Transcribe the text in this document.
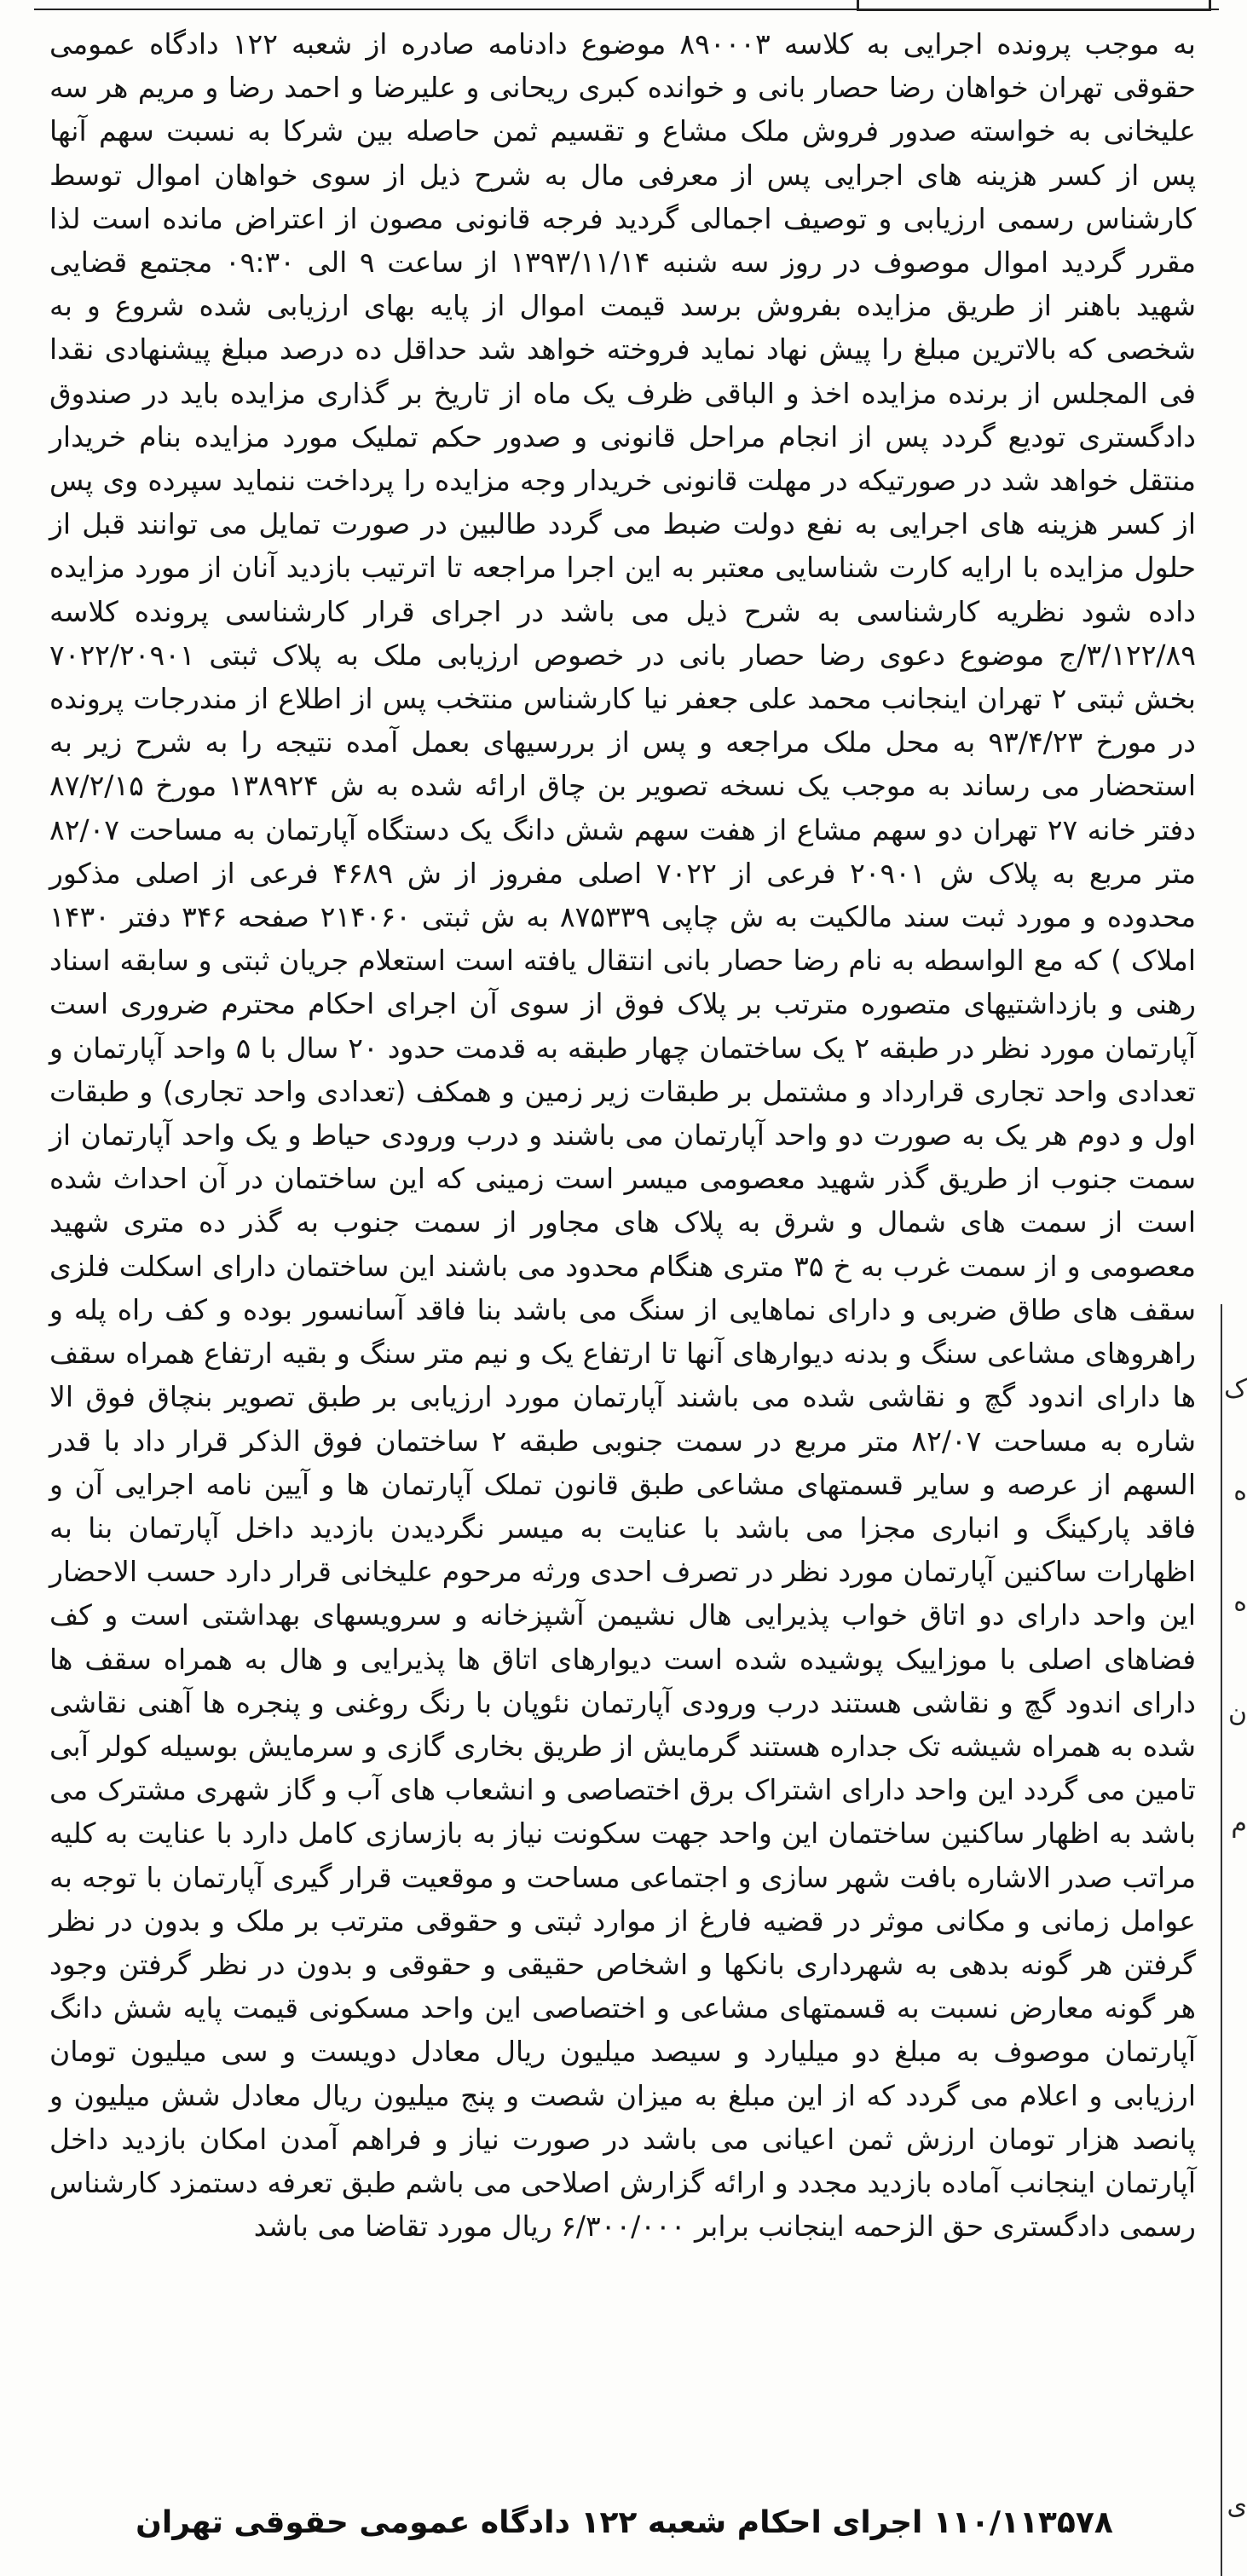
به موجب پرونده اجرایی به کلاسه ۸۹۰۰۰۳ موضوع دادنامه صادره از شعبه ۱۲۲ دادگاه عمومی حقوقی تهران خواهان رضا حصار بانی و خوانده کبری ریحانی و علیرضا و احمد رضا و مریم هر سه علیخانی به خواسته صدور فروش ملک مشاع و تقسیم ثمن حاصله بین شرکا به نسبت سهم آنها پس از کسر هزینه های اجرایی پس از معرفی مال به شرح ذیل از سوی خواهان اموال توسط کارشناس رسمی ارزیابی و توصیف اجمالی گردید فرجه قانونی مصون از اعتراض مانده است لذا مقرر گردید اموال موصوف در روز سه شنبه ۱۳۹۳/۱۱/۱۴ از ساعت ۹ الی ۰۹:۳۰ مجتمع قضایی شهید باهنر از طریق مزایده بفروش برسد قیمت اموال از پایه بهای ارزیابی شده شروع و به شخصی که بالاترین مبلغ را پیش نهاد نماید فروخته خواهد شد حداقل ده درصد مبلغ پیشنهادی نقدا فی المجلس از برنده مزایده اخذ و الباقی ظرف یک ماه از تاریخ بر گذاری مزایده باید در صندوق دادگستری توديع گردد پس از انجام مراحل قانونی و صدور حکم تملیک مورد مزایده بنام خریدار منتقل خواهد شد در صورتیکه در مهلت قانونی خریدار وجه مزایده را پرداخت ننماید سپرده وی پس از کسر هزینه های اجرایی به نفع دولت ضبط می گردد طالبین در صورت تمایل می توانند قبل از حلول مزایده با ارایه کارت شناسایی معتبر به این اجرا مراجعه تا اترتیب بازدید آنان از مورد مزایده داده شود نظریه کارشناسی به شرح ذیل می باشد در اجرای قرار کارشناسی پرونده کلاسه ۳/۱۲۲/۸۹/ج موضوع دعوی رضا حصار بانی در خصوص ارزیابی ملک به پلاک ثبتی ۷۰۲۲/۲۰۹۰۱ بخش ثبتی ۲ تهران اینجانب محمد علی جعفر نیا کارشناس منتخب پس از اطلاع از مندرجات پرونده در مورخ ۹۳/۴/۲۳ به محل ملک مراجعه و پس از بررسیهای بعمل آمده نتیجه را به شرح زیر به استحضار می رساند به موجب یک نسخه تصویر بن چاق ارائه شده به ش ۱۳۸۹۲۴ مورخ ۸۷/۲/۱۵ دفتر خانه ۲۷ تهران دو سهم مشاع از هفت سهم شش دانگ یک دستگاه آپارتمان به مساحت ۸۲/۰۷ متر مربع به پلاک ش ۲۰۹۰۱ فرعی از ۷۰۲۲ اصلی مفروز از ش ۴۶۸۹ فرعی از اصلی مذکور محدوده و مورد ثبت سند مالکیت به ش چاپی ۸۷۵۳۳۹ به ش ثبتی ۲۱۴۰۶۰ صفحه ۳۴۶ دفتر ۱۴۳۰ املاک ) که مع الواسطه به نام رضا حصار بانی انتقال یافته است استعلام جریان ثبتی و سابقه اسناد رهنی و بازداشتیهای متصوره مترتب بر پلاک فوق از سوی آن اجرای احکام محترم ضروری است آپارتمان مورد نظر در طبقه ۲ یک ساختمان چهار طبقه به قدمت حدود ۲۰ سال با ۵ واحد آپارتمان و تعدادی واحد تجاری قرارداد و مشتمل بر طبقات زیر زمین و همکف (تعدادی واحد تجاری) و طبقات اول و دوم هر یک به صورت دو واحد آپارتمان می باشند و درب ورودی حیاط و یک واحد آپارتمان از سمت جنوب از طریق گذر شهید معصومی میسر است زمینی که این ساختمان در آن احداث شده است از سمت های شمال و شرق به پلاک های مجاور از سمت جنوب به گذر ده متری شهید معصومی و از سمت غرب به خ ۳۵ متری هنگام محدود می باشند این ساختمان دارای اسکلت فلزی سقف های طاق ضربی و دارای نماهایی از سنگ می باشد بنا فاقد آسانسور بوده و کف راه پله و راهروهای مشاعی سنگ و بدنه دیوارهای آنها تا ارتفاع یک و نیم متر سنگ و بقیه ارتفاع همراه سقف ها دارای اندود گچ و نقاشی شده می باشند آپارتمان مورد ارزیابی بر طبق تصویر بنچاق فوق الا شاره به مساحت ۸۲/۰۷ متر مربع در سمت جنوبی طبقه ۲ ساختمان فوق الذکر قرار داد با قدر السهم از عرصه و سایر قسمتهای مشاعی طبق قانون تملک آپارتمان ها و آیین نامه اجرایی آن و فاقد پارکینگ و انباری مجزا می باشد با عنایت به میسر نگردیدن بازدید داخل آپارتمان بنا به اظهارات ساکنین آپارتمان مورد نظر در تصرف احدی ورثه مرحوم علیخانی قرار دارد حسب الاحضار این واحد دارای دو اتاق خواب پذیرایی هال نشیمن آشپزخانه و سرویسهای بهداشتی است و کف فضاهای اصلی با موزاییک پوشیده شده است دیوارهای اتاق ها پذیرایی و هال به همراه سقف ها دارای اندود گچ و نقاشی هستند درب ورودی آپارتمان نئوپان با رنگ روغنی و پنجره ها آهنی نقاشی شده به همراه شیشه تک جداره هستند گرمایش از طریق بخاری گازی و سرمایش بوسیله کولر آبی تامین می گردد این واحد دارای اشتراک برق اختصاصی و انشعاب های آب و گاز شهری مشترک می باشد به اظهار ساکنین ساختمان این واحد جهت سکونت نیاز به بازسازی کامل دارد با عنایت به کلیه مراتب صدر الاشاره بافت شهر سازی و اجتماعی مساحت و موقعیت قرار گیری آپارتمان با توجه به عوامل زمانی و مکانی موثر در قضیه فارغ از موارد ثبتی و حقوقی مترتب بر ملک و بدون در نظر گرفتن هر گونه بدهی به شهرداری بانکها و اشخاص حقیقی و حقوقی و بدون در نظر گرفتن وجود هر گونه معارض نسبت به قسمتهای مشاعی و اختصاصی این واحد مسکونی قیمت پایه شش دانگ آپارتمان موصوف به مبلغ دو میلیارد و سیصد میلیون ریال معادل دویست و سی میلیون تومان ارزیابی و اعلام می گردد که از این مبلغ به میزان شصت و پنج میلیون ریال معادل شش میلیون و پانصد هزار تومان ارزش ثمن اعیانی می باشد در صورت نیاز و فراهم آمدن امکان بازدید داخل آپارتمان اینجانب آماده بازدید مجدد و ارائه گزارش اصلاحی می باشم طبق تعرفه دستمزد کارشناس رسمی دادگستری حق الزحمه اینجانب برابر ۶/۳۰۰/۰۰۰ ریال مورد تقاضا می باشد

۱۱۰/۱۱۳۵۷۸ اجرای احکام شعبه ۱۲۲ دادگاه عمومی حقوقی تهران
ک
ه
ه
ن
م
ی
